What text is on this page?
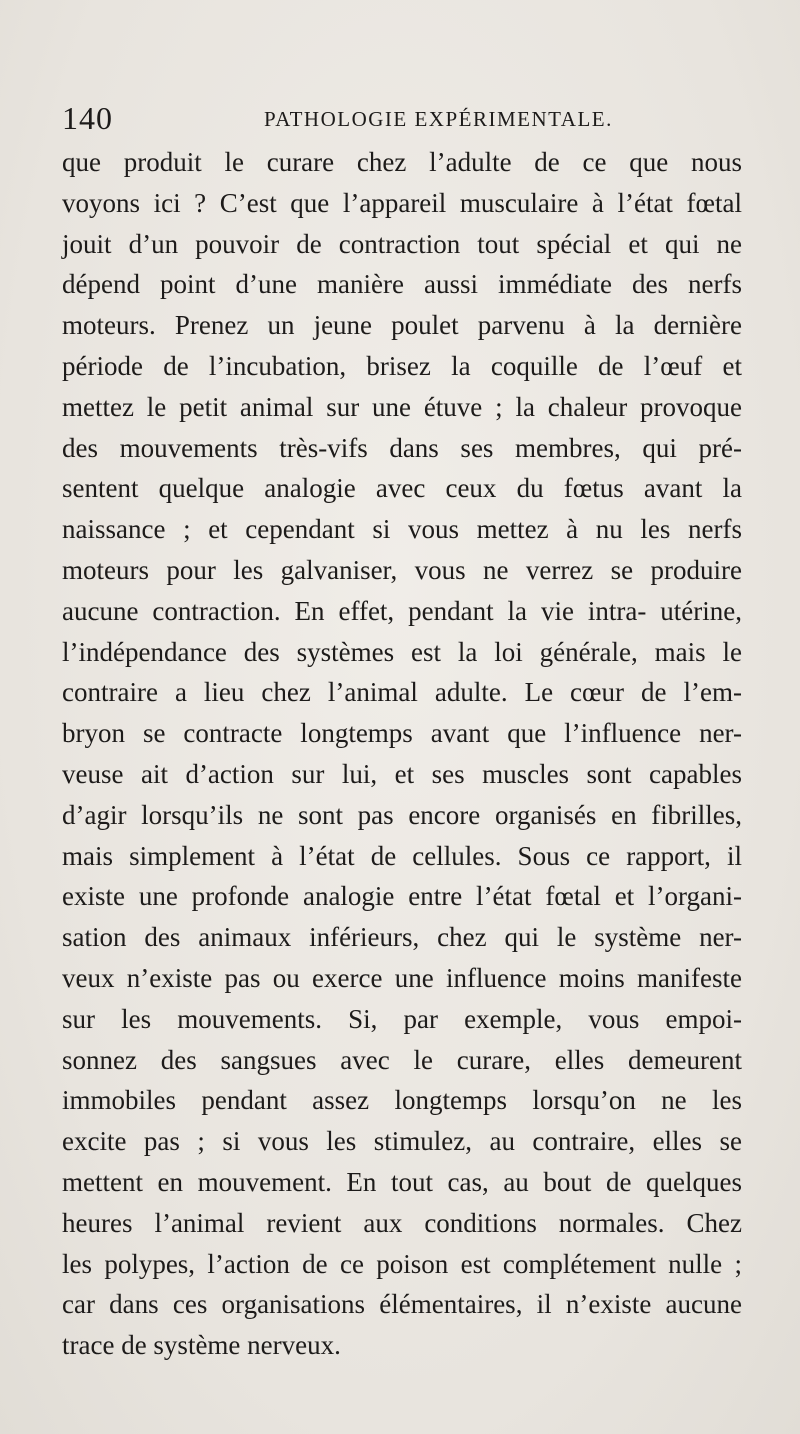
140	PATHOLOGIE EXPÉRIMENTALE.
que produit le curare chez l’adulte de ce que nous
voyons ici ? C’est que l’appareil musculaire à l’état fœtal
jouit d’un pouvoir de contraction tout spécial et qui ne
dépend point d’une manière aussi immédiate des nerfs
moteurs. Prenez un jeune poulet parvenu à la dernière
période de l’incubation, brisez la coquille de l’œuf et
mettez le petit animal sur une étuve ; la chaleur provoque
des mouvements très-vifs dans ses membres, qui pré-
sentent quelque analogie avec ceux du fœtus avant la
naissance ; et cependant si vous mettez à nu les nerfs
moteurs pour les galvaniser, vous ne verrez se produire
aucune contraction. En effet, pendant la vie intra- utérine,
l’indépendance des systèmes est la loi générale, mais le
contraire a lieu chez l’animal adulte. Le cœur de l’em-
bryon se contracte longtemps avant que l’influence ner-
veuse ait d’action sur lui, et ses muscles sont capables
d’agir lorsqu’ils ne sont pas encore organisés en fibrilles,
mais simplement à l’état de cellules. Sous ce rapport, il
existe une profonde analogie entre l’état fœtal et l’organi-
sation des animaux inférieurs, chez qui le système ner-
veux n’existe pas ou exerce une influence moins manifeste
sur les mouvements. Si, par exemple, vous empoi-
sonnez des sangsues avec le curare, elles demeurent
immobiles pendant assez longtemps lorsqu’on ne les
excite pas ; si vous les stimulez, au contraire, elles se
mettent en mouvement. En tout cas, au bout de quelques
heures l’animal revient aux conditions normales. Chez
les polypes, l’action de ce poison est complétement nulle ;
car dans ces organisations élémentaires, il n’existe aucune
trace de système nerveux.
